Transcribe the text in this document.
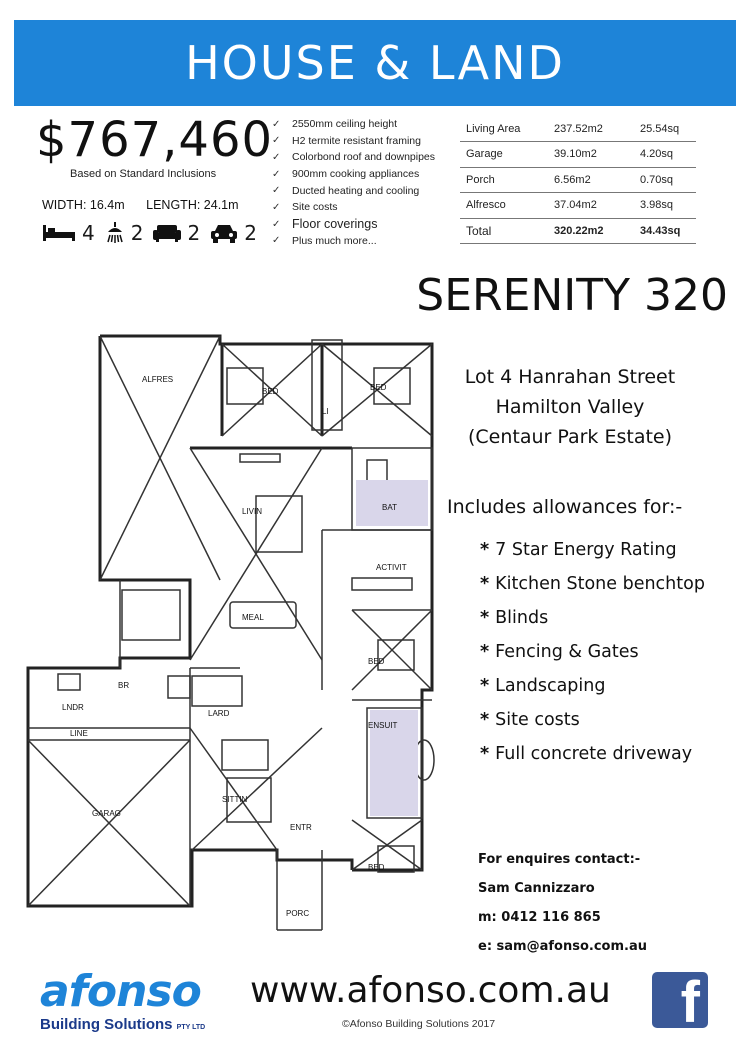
HOUSE & LAND
$767,460
Based on Standard Inclusions
WIDTH: 16.4m LENGTH: 24.1m
4 2 2 2
✓	2550mm ceiling height
✓	H2 termite resistant framing
✓	Colorbond roof and downpipes
✓	900mm cooking appliances
✓	Ducted heating and cooling
✓	Site costs
✓ Floor coverings
✓	Plus much more...
Living Area	237.52m2	25.54sq
Garage	39.10m2	4.20sq
Porch	6.56m2	0.70sq
Alfresco	37.04m2	3.98sq
Total	320.22m2	34.43sq
SERENITY 320
Lot 4 Hanrahan Street
Hamilton Valley
(Centaur Park Estate)
Includes allowances for:-
* 7 Star Energy Rating
* Kitchen Stone benchtop
* Blinds
* Fencing & Gates
* Landscaping
* Site costs
* Full concrete driveway
For enquires contact:-
Sam Cannizzaro
m: 0412 116 865
e: sam@afonso.com.au
ALFRES
BED	BED
LI
BAT
LIVIN
ACTIVIT
MEAL
BED
LNDR
BR
LARD
LINE
ENSUIT
GARAG
SITTIN
ENTR
PORC
BED
afonso
Building Solutions PTY LTD
www.afonso.com.au
©Afonso Building Solutions 2017	f
